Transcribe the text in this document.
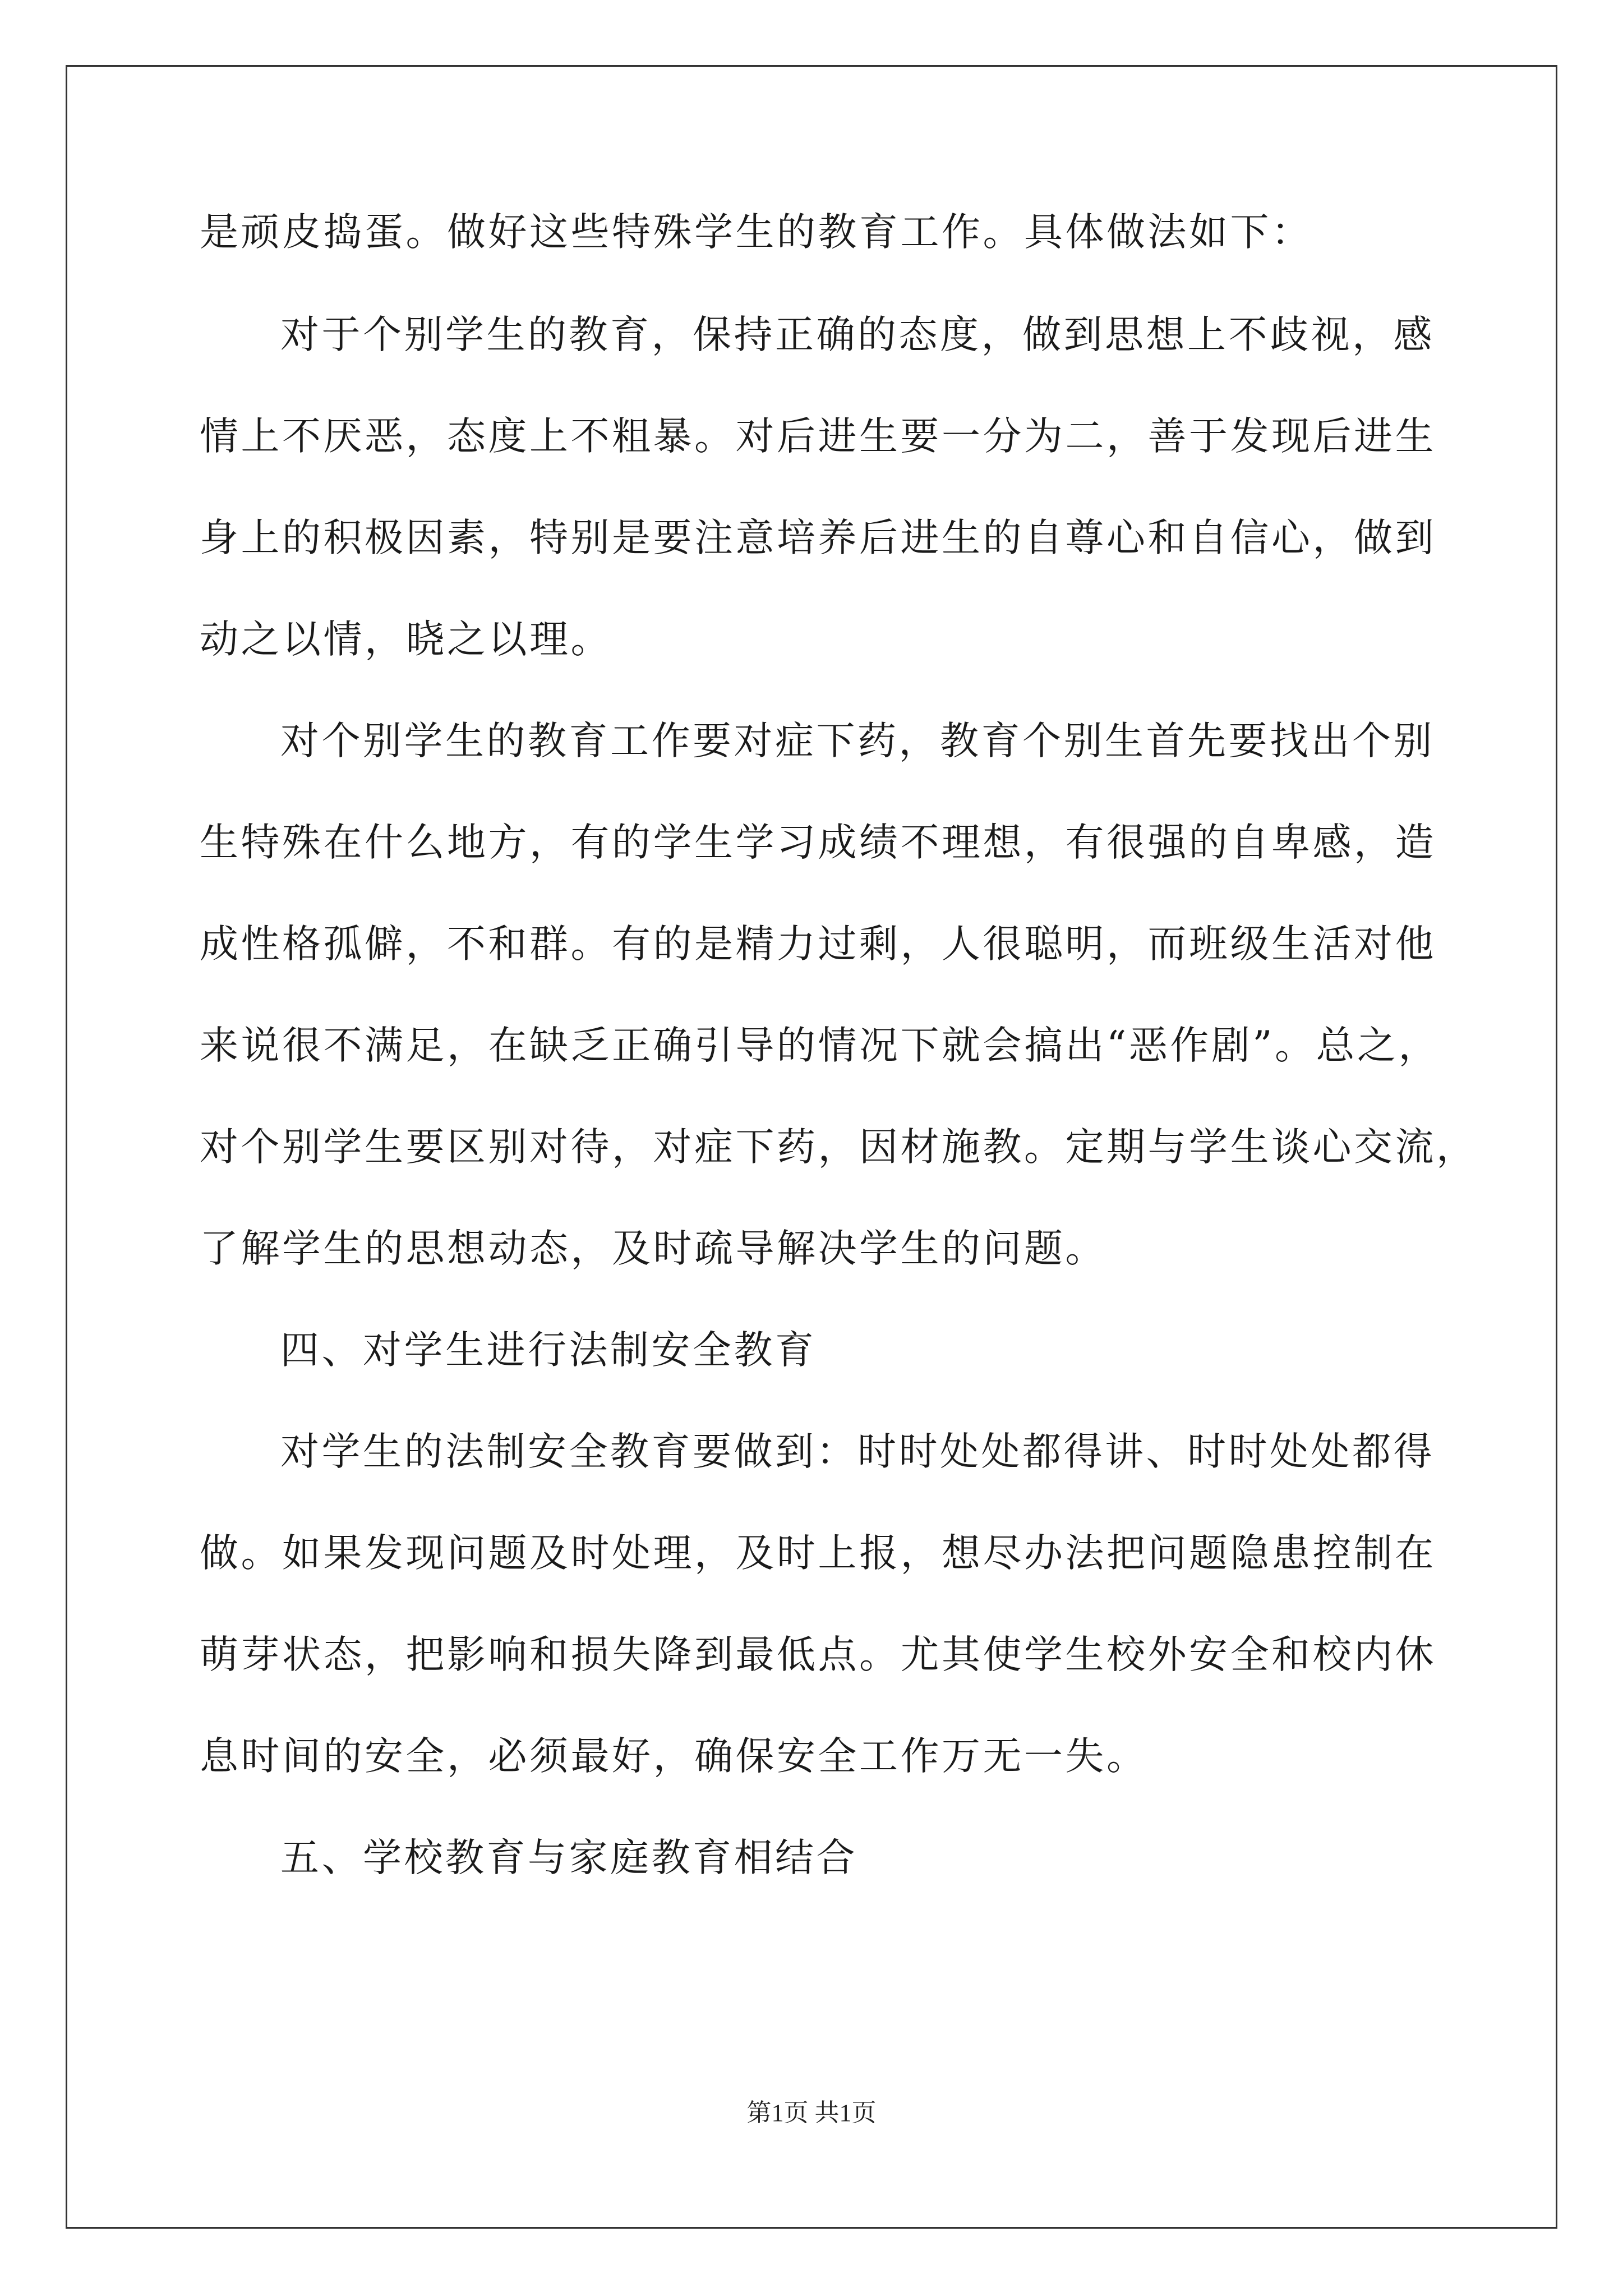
是顽皮捣蛋。做好这些特殊学生的教育工作。具体做法如下：
对于个别学生的教育，保持正确的态度，做到思想上不歧视，感
情上不厌恶，态度上不粗暴。对后进生要一分为二，善于发现后进生
身上的积极因素，特别是要注意培养后进生的自尊心和自信心，做到
动之以情，晓之以理。
对个别学生的教育工作要对症下药，教育个别生首先要找出个别
生特殊在什么地方，有的学生学习成绩不理想，有很强的自卑感，造
成性格孤僻，不和群。有的是精力过剩，人很聪明，而班级生活对他
来说很不满足，在缺乏正确引导的情况下就会搞出“恶作剧”。总之，
对个别学生要区别对待，对症下药，因材施教。定期与学生谈心交流，
了解学生的思想动态，及时疏导解决学生的问题。
四、对学生进行法制安全教育
对学生的法制安全教育要做到：时时处处都得讲、时时处处都得
做。如果发现问题及时处理，及时上报，想尽办法把问题隐患控制在
萌芽状态，把影响和损失降到最低点。尤其使学生校外安全和校内休
息时间的安全，必须最好，确保安全工作万无一失。
五、学校教育与家庭教育相结合
第1页 共1页
